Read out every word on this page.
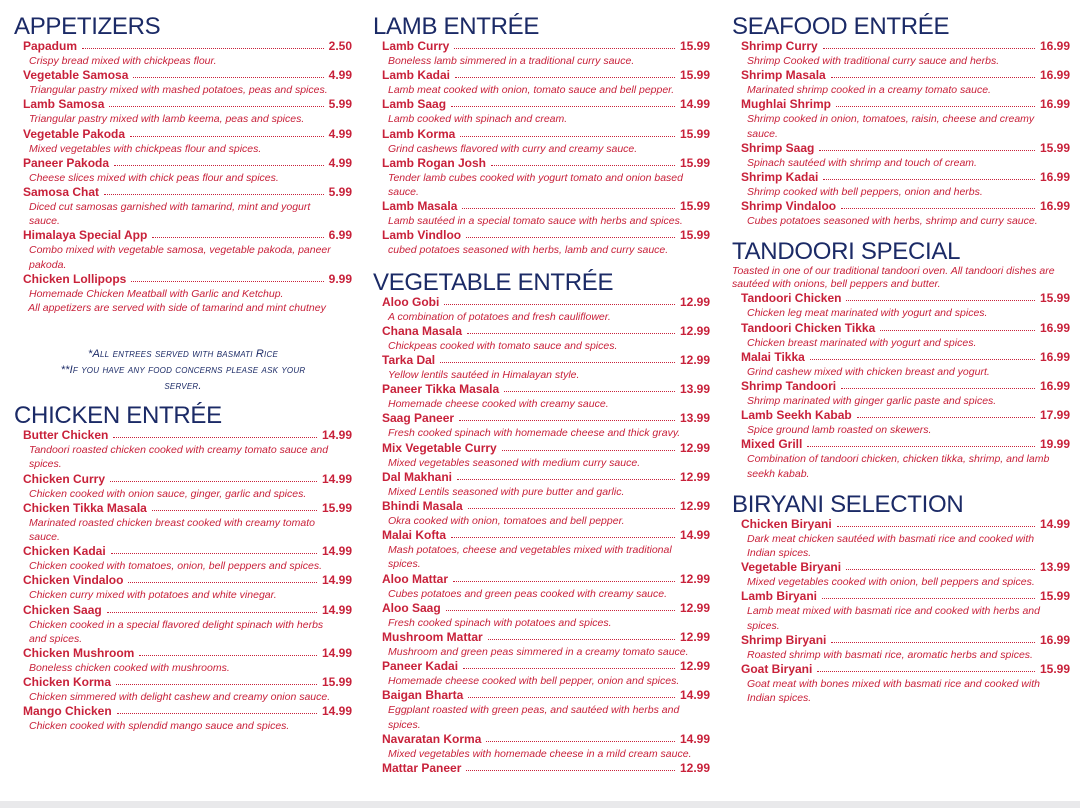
APPETIZERS
Papadum	2.50
Crispy bread mixed with chickpeas flour.
Vegetable Samosa	4.99
Triangular pastry mixed with mashed potatoes, peas and spices.
Lamb Samosa	5.99
Triangular pastry mixed with lamb keema, peas and spices.
Vegetable Pakoda	4.99
Mixed vegetables with chickpeas flour and spices.
Paneer Pakoda	4.99
Cheese slices mixed with chick peas flour and spices.
Samosa Chat	5.99
Diced cut samosas garnished with tamarind, mint and yogurt sauce.
Himalaya Special App	6.99
Combo mixed with vegetable samosa, vegetable pakoda, paneer pakoda.
Chicken Lollipops	9.99
Homemade Chicken Meatball with Garlic and Ketchup.
All appetizers are served with side of tamarind and mint chutney
*All entrees served with basmati Rice
**If you have any food concerns please ask your
server.
CHICKEN ENTRÉE
Butter Chicken	14.99
Tandoori roasted chicken cooked with creamy tomato sauce and spices.
Chicken Curry	14.99
Chicken cooked with onion sauce, ginger, garlic and spices.
Chicken Tikka Masala	15.99
Marinated roasted chicken breast cooked with creamy tomato sauce.
Chicken Kadai	14.99
Chicken cooked with tomatoes, onion, bell peppers and spices.
Chicken Vindaloo	14.99
Chicken curry mixed with potatoes and white vinegar.
Chicken Saag	14.99
Chicken cooked in a special flavored delight spinach with herbs and spices.
Chicken Mushroom	14.99
Boneless chicken cooked with mushrooms.
Chicken Korma	15.99
Chicken simmered with delight cashew and creamy onion sauce.
Mango Chicken	14.99
Chicken cooked with splendid mango sauce and spices.
LAMB ENTRÉE
Lamb Curry	15.99
Boneless lamb simmered in a traditional curry sauce.
Lamb Kadai	15.99
Lamb meat cooked with onion, tomato sauce and bell pepper.
Lamb Saag	14.99
Lamb cooked with spinach and cream.
Lamb Korma	15.99
Grind cashews flavored with curry and creamy sauce.
Lamb Rogan Josh	15.99
Tender lamb cubes cooked with yogurt tomato and onion based sauce.
Lamb Masala	15.99
Lamb sautéed in a special tomato sauce with herbs and spices.
Lamb Vindloo	15.99
cubed potatoes seasoned with herbs, lamb and curry sauce.
VEGETABLE ENTRÉE
Aloo Gobi	12.99
A combination of potatoes and fresh cauliflower.
Chana Masala	12.99
Chickpeas cooked with tomato sauce and spices.
Tarka Dal	12.99
Yellow lentils sautéed in Himalayan style.
Paneer Tikka Masala	13.99
Homemade cheese cooked with creamy sauce.
Saag Paneer	13.99
Fresh cooked spinach with homemade cheese and thick gravy.
Mix Vegetable Curry	12.99
Mixed vegetables seasoned with medium curry sauce.
Dal Makhani	12.99
Mixed Lentils seasoned with pure butter and garlic.
Bhindi Masala	12.99
Okra cooked with onion, tomatoes and bell pepper.
Malai Kofta	14.99
Mash potatoes, cheese and vegetables mixed with traditional spices.
Aloo Mattar	12.99
Cubes potatoes and green peas cooked with creamy sauce.
Aloo Saag	12.99
Fresh cooked spinach with potatoes and spices.
Mushroom Mattar	12.99
Mushroom and green peas simmered in a creamy tomato sauce.
Paneer Kadai	12.99
Homemade cheese cooked with bell pepper, onion and spices.
Baigan Bharta	14.99
Eggplant roasted with green peas, and sautéed with herbs and spices.
Navaratan Korma	14.99
Mixed vegetables with homemade cheese in a mild cream sauce.
Mattar Paneer	12.99
SEAFOOD ENTRÉE
Shrimp Curry	16.99
Shrimp Cooked with traditional curry sauce and herbs.
Shrimp Masala	16.99
Marinated shrimp cooked in a creamy tomato sauce.
Mughlai Shrimp	16.99
Shrimp cooked in onion, tomatoes, raisin, cheese and creamy sauce.
Shrimp Saag	15.99
Spinach sautéed with shrimp and touch of cream.
Shrimp Kadai	16.99
Shrimp cooked with bell peppers, onion and herbs.
Shrimp Vindaloo	16.99
Cubes potatoes seasoned with herbs, shrimp and curry sauce.
TANDOORI SPECIAL
Toasted in one of our traditional tandoori oven. All tandoori dishes are sautéed with onions, bell peppers and butter.
Tandoori Chicken	15.99
Chicken leg meat marinated with yogurt and spices.
Tandoori Chicken Tikka	16.99
Chicken breast marinated with yogurt and spices.
Malai Tikka	16.99
Grind cashew mixed with chicken breast and yogurt.
Shrimp Tandoori	16.99
Shrimp marinated with ginger garlic paste and spices.
Lamb Seekh Kabab	17.99
Spice ground lamb roasted on skewers.
Mixed Grill	19.99
Combination of tandoori chicken, chicken tikka, shrimp, and lamb seekh kabab.
BIRYANI SELECTION
Chicken Biryani	14.99
Dark meat chicken sautéed with basmati rice and cooked with Indian spices.
Vegetable Biryani	13.99
Mixed vegetables cooked with onion, bell peppers and spices.
Lamb Biryani	15.99
Lamb meat mixed with basmati rice and cooked with herbs and spices.
Shrimp Biryani	16.99
Roasted shrimp with basmati rice, aromatic herbs and spices.
Goat Biryani	15.99
Goat meat with bones mixed with basmati rice and cooked with Indian spices.
